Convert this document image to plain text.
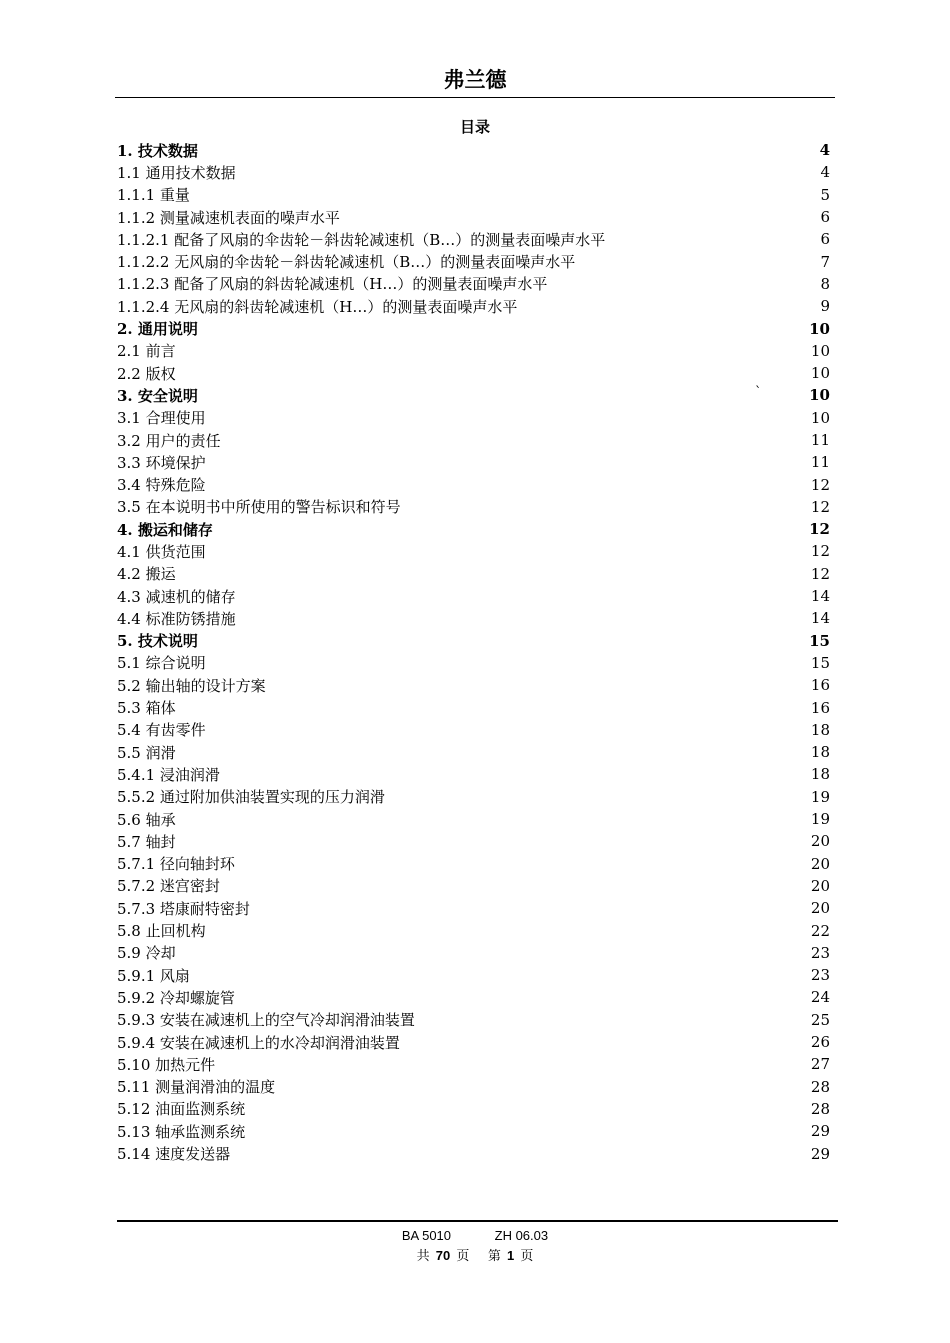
弗兰德
目录
1. 技术数据	4
1.1 通用技术数据	4
1.1.1 重量	5
1.1.2 测量减速机表面的噪声水平	6
1.1.2.1 配备了风扇的伞齿轮－斜齿轮减速机（B…）的测量表面噪声水平	6
1.1.2.2 无风扇的伞齿轮－斜齿轮减速机（B…）的测量表面噪声水平	7
1.1.2.3 配备了风扇的斜齿轮减速机（H…）的测量表面噪声水平	8
1.1.2.4 无风扇的斜齿轮减速机（H…）的测量表面噪声水平	9
2. 通用说明	10
2.1 前言	10
2.2 版权	10
3. 安全说明	10
3.1 合理使用	10
3.2 用户的责任	11
3.3 环境保护	11
3.4 特殊危险	12
3.5 在本说明书中所使用的警告标识和符号	12
4. 搬运和储存	12
4.1 供货范围	12
4.2 搬运	12
4.3 减速机的储存	14
4.4 标准防锈措施	14
5. 技术说明	15
5.1 综合说明	15
5.2 输出轴的设计方案	16
5.3 箱体	16
5.4 有齿零件	18
5.5 润滑	18
5.4.1 浸油润滑	18
5.5.2 通过附加供油装置实现的压力润滑	19
5.6 轴承	19
5.7 轴封	20
5.7.1 径向轴封环	20
5.7.2 迷宫密封	20
5.7.3 塔康耐特密封	20
5.8 止回机构	22
5.9 冷却	23
5.9.1 风扇	23
5.9.2 冷却螺旋管	24
5.9.3 安装在减速机上的空气冷却润滑油装置	25
5.9.4 安装在减速机上的水冷却润滑油装置	26
5.10 加热元件	27
5.11 测量润滑油的温度	28
5.12 油面监测系统	28
5.13 轴承监测系统	29
5.14 速度发送器	29
`
BA 5010	ZH 06.03
共 70 页 第 1 页
